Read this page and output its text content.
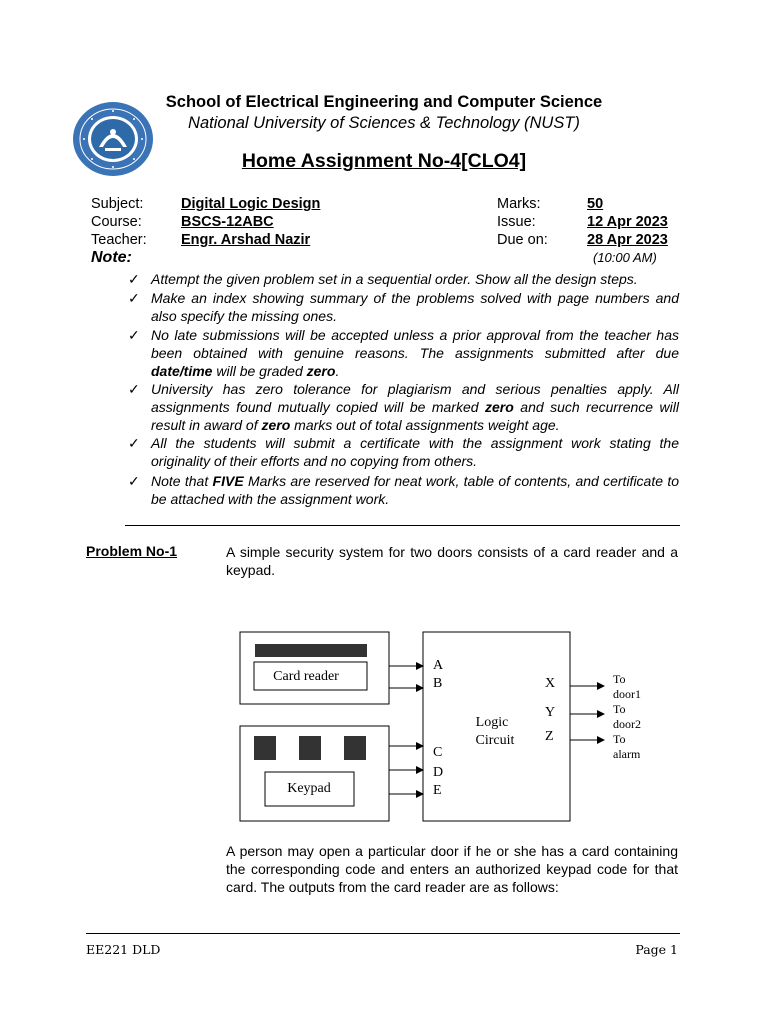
School of Electrical Engineering and Computer Science
National University of Sciences & Technology (NUST)
Home Assignment No-4[CLO4]
Subject:	Digital Logic Design
Course:	BSCS-12ABC
Teacher: Engr. Arshad Nazir
Marks:	50
Issue:	12 Apr 2023
Due on:	28 Apr 2023
Note:	(10:00 AM)
✓ Attempt the given problem set in a sequential order. Show all the design steps.
✓ Make an index showing summary of the problems solved with page numbers and also specify the missing ones.
✓ No late submissions will be accepted unless a prior approval from the teacher has been obtained with genuine reasons. The assignments submitted after due date/time will be graded zero.
✓ University has zero tolerance for plagiarism and serious penalties apply. All assignments found mutually copied will be marked zero and such recurrence will result in award of zero marks out of total assignments weight age.
✓ All the students will submit a certificate with the assignment work stating the originality of their efforts and no copying from others.
✓ Note that FIVE Marks are reserved for neat work, table of contents, and certificate to be attached with the assignment work.
Problem No-1	A simple security system for two doors consists of a card reader and a keypad.
Card reader
Keypad
Logic
Circuit
A
B
C
D
E
X
Y
Z
To
door1
To
door2
To
alarm
A person may open a particular door if he or she has a card containing the corresponding code and enters an authorized keypad code for that card. The outputs from the card reader are as follows:
EE221 DLD	Page 1
